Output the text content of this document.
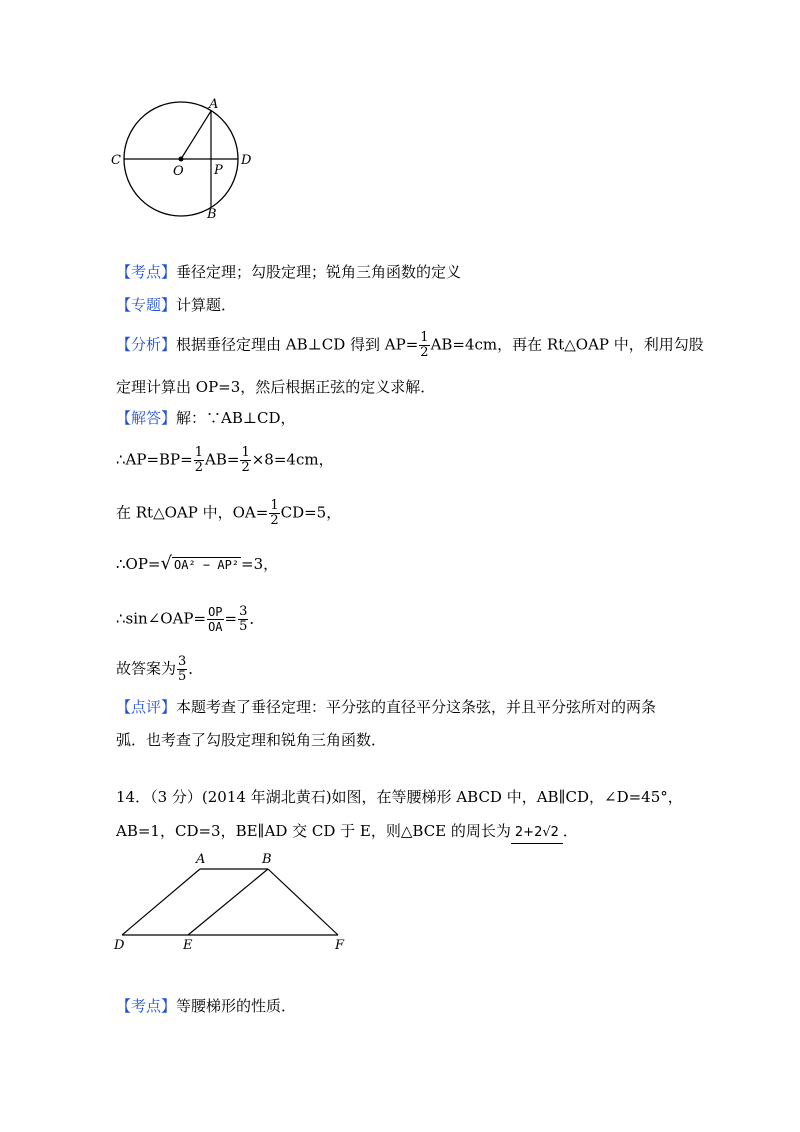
A
B
C	D
O P
【考点】垂径定理；勾股定理；锐角三角函数的定义
【专题】计算题．
【分析】根据垂径定理由 AB⊥CD 得到 $AP= \frac{1}{2} AB=4cm$，再在 Rt△OAP 中，利用勾股
定理计算出 OP=3，然后根据正弦的定义求解．
【解答】解：∵AB⊥CD，
∴AP=BP= $\frac{1}{2} AB= \frac{1}{2} \times 8=4cm$，
在 Rt△OAP 中，$OA= \frac{1}{2} CD=5$，
∴OP=√ OA² − AP² =3，
∴sin∠OAP= $\frac{OP}{OA} = \frac{3}{5}$ ．
故答案为 $\frac{3}{5}$ ．
【点评】本题考查了垂径定理：平分弦的直径平分这条弦，并且平分弦所对的两条
弧．也考查了勾股定理和锐角三角函数．
14．（3 分）(2014 年湖北黄石)如图，在等腰梯形 ABCD 中，AB∥CD，∠D=45°，
AB=1，CD=3，BE∥AD 交 CD 于 E，则△BCE 的周长为 2+2√2 ．
A	B
D	E	F
【考点】等腰梯形的性质．
